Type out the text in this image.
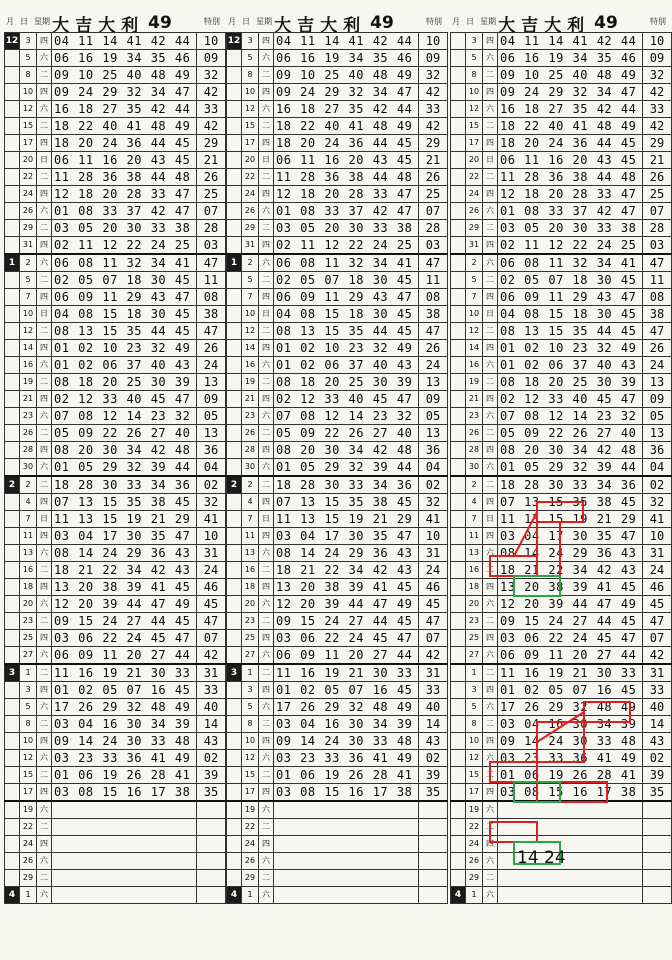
大吉大利 49
月 日 星期	特別
12	3	四	04 11 14 41 42 44	10
	5	六	06 16 19 34 35 46	09
	8	二	09 10 25 40 48 49	32
	10	四	09 24 29 32 34 47	42
	12	六	16 18 27 35 42 44	33
	15	二	18 22 40 41 48 49	42
	17	四	18 20 24 36 44 45	29
	20	日	06 11 16 20 43 45	21
	22	二	11 28 36 38 44 48	26
	24	四	12 18 20 28 33 47	25
	26	六	01 08 33 37 42 47	07
	29	二	03 05 20 30 33 38	28
	31	四	02 11 12 22 24 25	03
1	2	六	06 08 11 32 34 41	47
	5	二	02 05 07 18 30 45	11
	7	四	06 09 11 29 43 47	08
	10	日	04 08 15 18 30 45	38
	12	二	08 13 15 35 44 45	47
	14	四	01 02 10 23 32 49	26
	16	六	01 02 06 37 40 43	24
	19	二	08 18 20 25 30 39	13
	21	四	02 12 33 40 45 47	09
	23	六	07 08 12 14 23 32	05
	26	二	05 09 22 26 27 40	13
	28	四	08 20 30 34 42 48	36
	30	六	01 05 29 32 39 44	04
2	2	二	18 28 30 33 34 36	02
	4	四	07 13 15 35 38 45	32
	7	日	11 13 15 19 21 29	41
	11	四	03 04 17 30 35 47	10
	13	六	08 14 24 29 36 43	31
	16	二	18 21 22 34 42 43	24
	18	四	13 20 38 39 41 45	46
	20	六	12 20 39 44 47 49	45
	23	二	09 15 24 27 44 45	47
	25	四	03 06 22 24 45 47	07
	27	六	06 09 11 20 27 44	42
3	1	二	11 16 19 21 30 33	31
	3	四	01 02 05 07 16 45	33
	5	六	17 26 29 32 48 49	40
	8	二	03 04 16 30 34 39	14
	10	四	09 14 24 30 33 48	43
	12	六	03 23 33 36 41 49	02
	15	二	01 06 19 26 28 41	39
	17	四	03 08 15 16 17 38	35
	19	六		
	22	二		
	24	四		
	26	六		
	29	二		
4	1	六		
大吉大利 49
月 日 星期	特別
12	3	四	04 11 14 41 42 44	10
	5	六	06 16 19 34 35 46	09
	8	二	09 10 25 40 48 49	32
	10	四	09 24 29 32 34 47	42
	12	六	16 18 27 35 42 44	33
	15	二	18 22 40 41 48 49	42
	17	四	18 20 24 36 44 45	29
	20	日	06 11 16 20 43 45	21
	22	二	11 28 36 38 44 48	26
	24	四	12 18 20 28 33 47	25
	26	六	01 08 33 37 42 47	07
	29	二	03 05 20 30 33 38	28
	31	四	02 11 12 22 24 25	03
1	2	六	06 08 11 32 34 41	47
	5	二	02 05 07 18 30 45	11
	7	四	06 09 11 29 43 47	08
	10	日	04 08 15 18 30 45	38
	12	二	08 13 15 35 44 45	47
	14	四	01 02 10 23 32 49	26
	16	六	01 02 06 37 40 43	24
	19	二	08 18 20 25 30 39	13
	21	四	02 12 33 40 45 47	09
	23	六	07 08 12 14 23 32	05
	26	二	05 09 22 26 27 40	13
	28	四	08 20 30 34 42 48	36
	30	六	01 05 29 32 39 44	04
2	2	二	18 28 30 33 34 36	02
	4	四	07 13 15 35 38 45	32
	7	日	11 13 15 19 21 29	41
	11	四	03 04 17 30 35 47	10
	13	六	08 14 24 29 36 43	31
	16	二	18 21 22 34 42 43	24
	18	四	13 20 38 39 41 45	46
	20	六	12 20 39 44 47 49	45
	23	二	09 15 24 27 44 45	47
	25	四	03 06 22 24 45 47	07
	27	六	06 09 11 20 27 44	42
3	1	二	11 16 19 21 30 33	31
	3	四	01 02 05 07 16 45	33
	5	六	17 26 29 32 48 49	40
	8	二	03 04 16 30 34 39	14
	10	四	09 14 24 30 33 48	43
	12	六	03 23 33 36 41 49	02
	15	二	01 06 19 26 28 41	39
	17	四	03 08 15 16 17 38	35
	19	六		
	22	二		
	24	四		
	26	六		
	29	二		
4	1	六		
大吉大利 49
月 日 星期	特別
	3	四	04 11 14 41 42 44	10
	5	六	06 16 19 34 35 46	09
	8	二	09 10 25 40 48 49	32
	10	四	09 24 29 32 34 47	42
	12	六	16 18 27 35 42 44	33
	15	二	18 22 40 41 48 49	42
	17	四	18 20 24 36 44 45	29
	20	日	06 11 16 20 43 45	21
	22	二	11 28 36 38 44 48	26
	24	四	12 18 20 28 33 47	25
	26	六	01 08 33 37 42 47	07
	29	二	03 05 20 30 33 38	28
	31	四	02 11 12 22 24 25	03
	2	六	06 08 11 32 34 41	47
	5	二	02 05 07 18 30 45	11
	7	四	06 09 11 29 43 47	08
	10	日	04 08 15 18 30 45	38
	12	二	08 13 15 35 44 45	47
	14	四	01 02 10 23 32 49	26
	16	六	01 02 06 37 40 43	24
	19	二	08 18 20 25 30 39	13
	21	四	02 12 33 40 45 47	09
	23	六	07 08 12 14 23 32	05
	26	二	05 09 22 26 27 40	13
	28	四	08 20 30 34 42 48	36
	30	六	01 05 29 32 39 44	04
	2	二	18 28 30 33 34 36	02
	4	四	07 13 15 35 38 45	32
	7	日	11 13 15 19 21 29	41
	11	四	03 04 17 30 35 47	10
	13	六	08 14 24 29 36 43	31
	16	二	18 21 22 34 42 43	24
	18	四	13 20 38 39 41 45	46
	20	六	12 20 39 44 47 49	45
	23	二	09 15 24 27 44 45	47
	25	四	03 06 22 24 45 47	07
	27	六	06 09 11 20 27 44	42
	1	二	11 16 19 21 30 33	31
	3	四	01 02 05 07 16 45	33
	5	六	17 26 29 32 48 49	40
	8	二	03 04 16 30 34 39	14
	10	四	09 14 24 30 33 48	43
	12	六	03 23 33 36 41 49	02
	15	二	01 06 19 26 28 41	39
	17	四	03 08 15 16 17 38	35
	19	六		
	22	二		
	24	四		
	26	六		
	29	二		
4	1	六		
14 24
